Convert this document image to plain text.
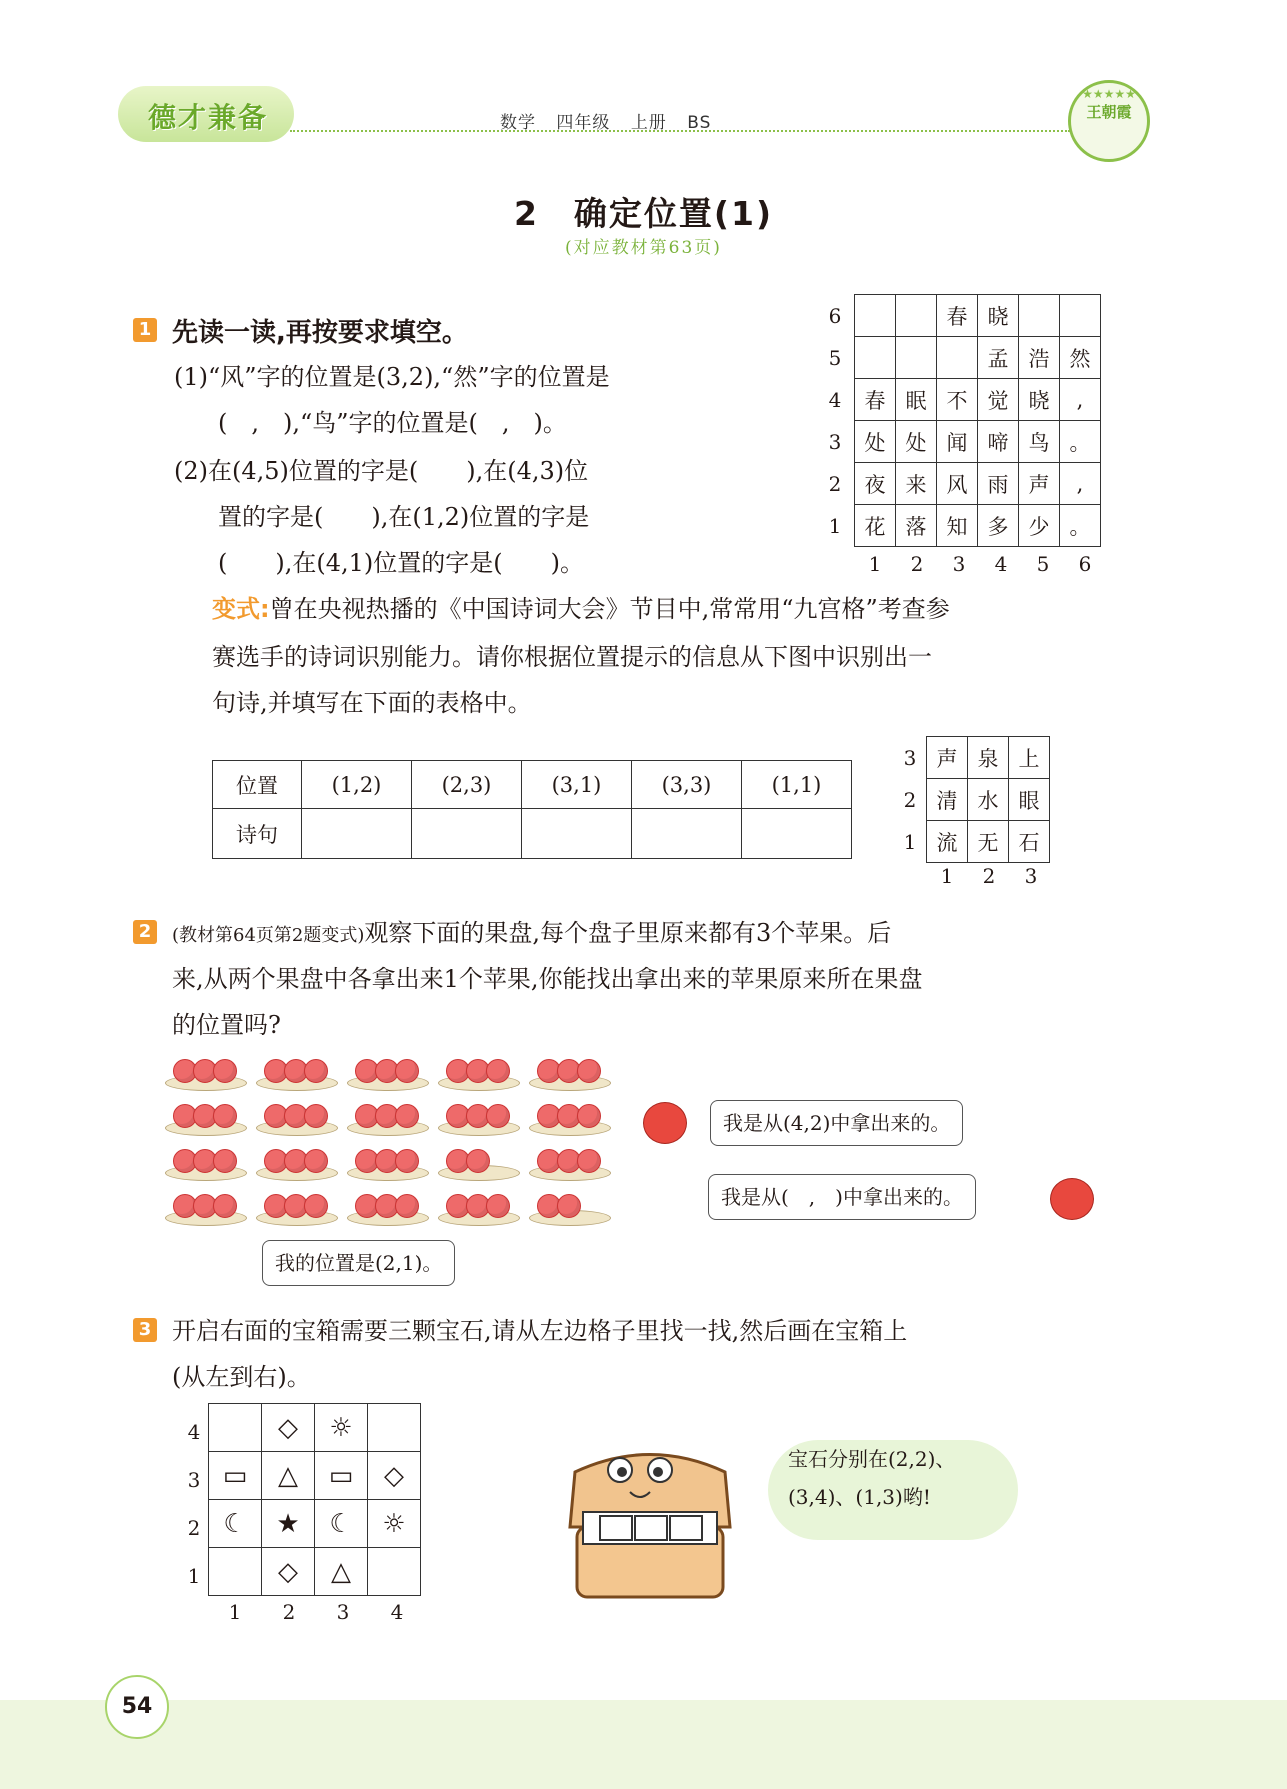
德才兼备	数学 四年级 上册 BS
★★★★★
王朝霞
2　确定位置(1)
(对应教材第63页)
1 先读一读,再按要求填空。
(1)“风”字的位置是(3,2),“然”字的位置是
(　,　),“鸟”字的位置是(　,　)。
(2)在(4,5)位置的字是(　　),在(4,3)位
置的字是(　　),在(1,2)位置的字是
(　　),在(4,1)位置的字是(　　)。
6
5
4
3
2
1
		春	晓		
			孟	浩	然
春	眠	不	觉	晓	,
处	处	闻	啼	鸟	。
夜	来	风	雨	声	,
花	落	知	多	少	。
1	2	3	4	5	6
变式:曾在央视热播的《中国诗词大会》节目中,常常用“九宫格”考查参
赛选手的诗词识别能力。请你根据位置提示的信息从下图中识别出一
句诗,并填写在下面的表格中。
位置	(1,2)	(2,3)	(3,1)	(3,3)	(1,1)
诗句					
3
2
1
声	泉	上
清	水	眼
流	无	石
1	2	3
2	(教材第64页第2题变式)观察下面的果盘,每个盘子里原来都有3个苹果。后
来,从两个果盘中各拿出来1个苹果,你能找出拿出来的苹果原来所在果盘
的位置吗?
我的位置是(2,1)。
我是从(4,2)中拿出来的。
我是从(　,　)中拿出来的。
3 开启右面的宝箱需要三颗宝石,请从左边格子里找一找,然后画在宝箱上
(从左到右)。
4
3
2
1
	◇	☼	
▭	△	▭	◇
☾	★	☾	☼
	◇	△	
1	2	3	4
宝石分别在(2,2)、
(3,4)、(1,3)哟!
54
